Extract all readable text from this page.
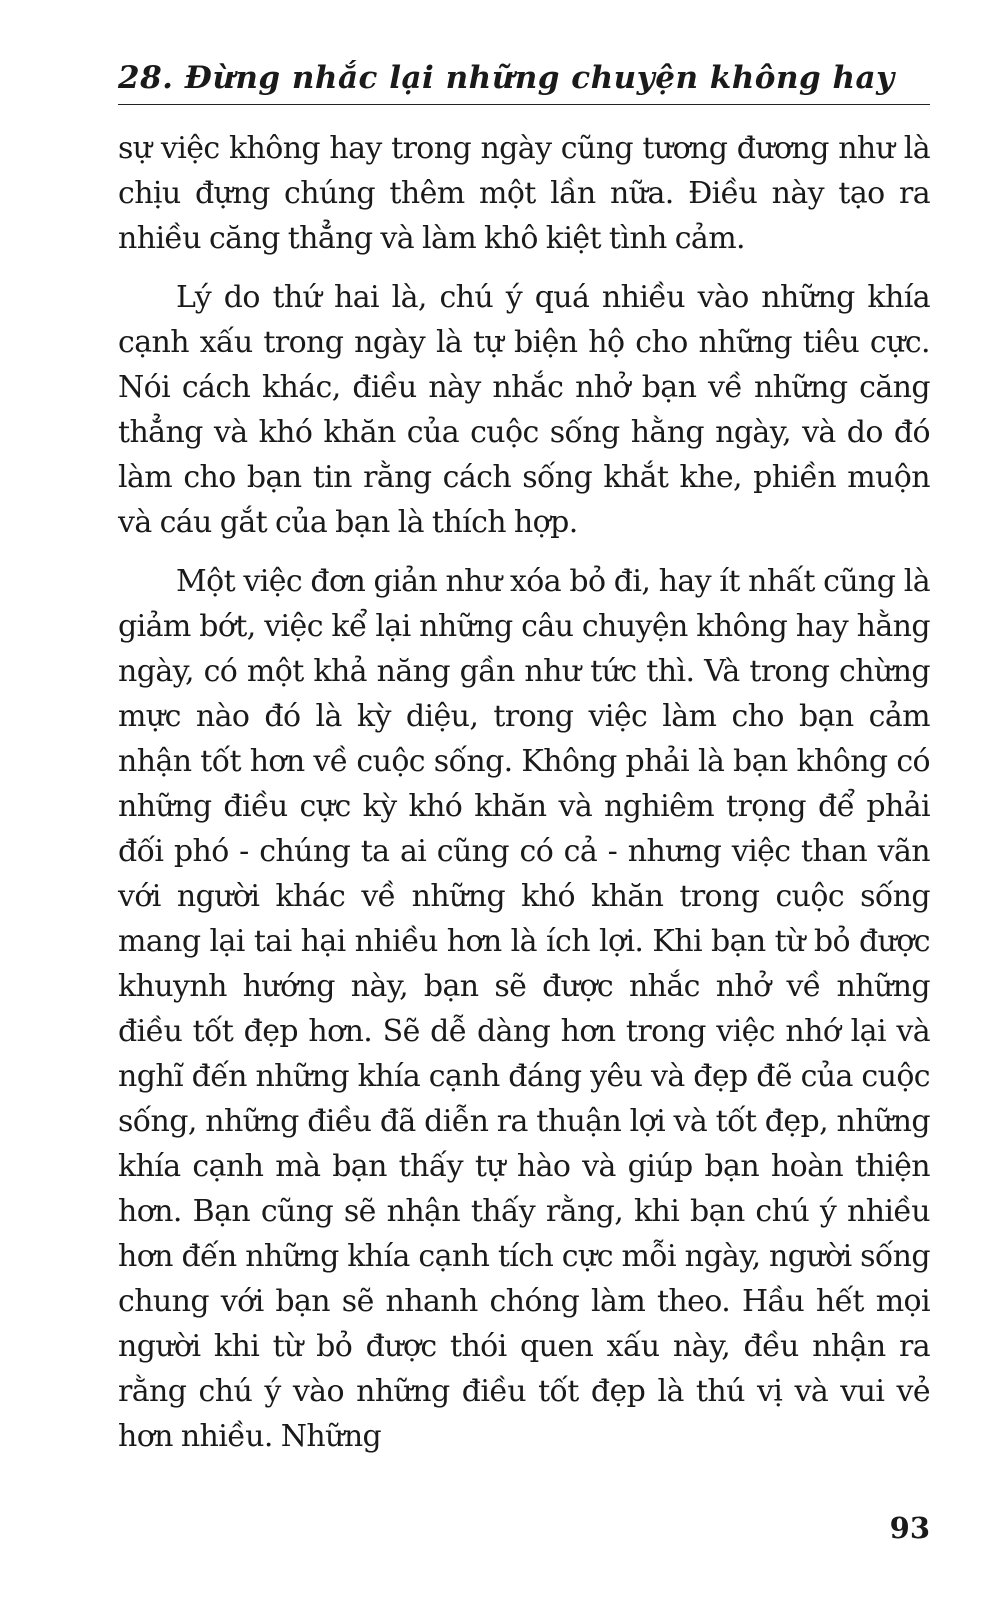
28. Đừng nhắc lại những chuyện không hay

sự việc không hay trong ngày cũng tương đương như là chịu đựng chúng thêm một lần nữa. Điều này tạo ra nhiều căng thẳng và làm khô kiệt tình cảm.

Lý do thứ hai là, chú ý quá nhiều vào những khía cạnh xấu trong ngày là tự biện hộ cho những tiêu cực. Nói cách khác, điều này nhắc nhở bạn về những căng thẳng và khó khăn của cuộc sống hằng ngày, và do đó làm cho bạn tin rằng cách sống khắt khe, phiền muộn và cáu gắt của bạn là thích hợp.

Một việc đơn giản như xóa bỏ đi, hay ít nhất cũng là giảm bớt, việc kể lại những câu chuyện không hay hằng ngày, có một khả năng gần như tức thì. Và trong chừng mực nào đó là kỳ diệu, trong việc làm cho bạn cảm nhận tốt hơn về cuộc sống. Không phải là bạn không có những điều cực kỳ khó khăn và nghiêm trọng để phải đối phó - chúng ta ai cũng có cả - nhưng việc than vãn với người khác về những khó khăn trong cuộc sống mang lại tai hại nhiều hơn là ích lợi. Khi bạn từ bỏ được khuynh hướng này, bạn sẽ được nhắc nhở về những điều tốt đẹp hơn. Sẽ dễ dàng hơn trong việc nhớ lại và nghĩ đến những khía cạnh đáng yêu và đẹp đẽ của cuộc sống, những điều đã diễn ra thuận lợi và tốt đẹp, những khía cạnh mà bạn thấy tự hào và giúp bạn hoàn thiện hơn. Bạn cũng sẽ nhận thấy rằng, khi bạn chú ý nhiều hơn đến những khía cạnh tích cực mỗi ngày, người sống chung với bạn sẽ nhanh chóng làm theo. Hầu hết mọi người khi từ bỏ được thói quen xấu này, đều nhận ra rằng chú ý vào những điều tốt đẹp là thú vị và vui vẻ hơn nhiều. Những

93
